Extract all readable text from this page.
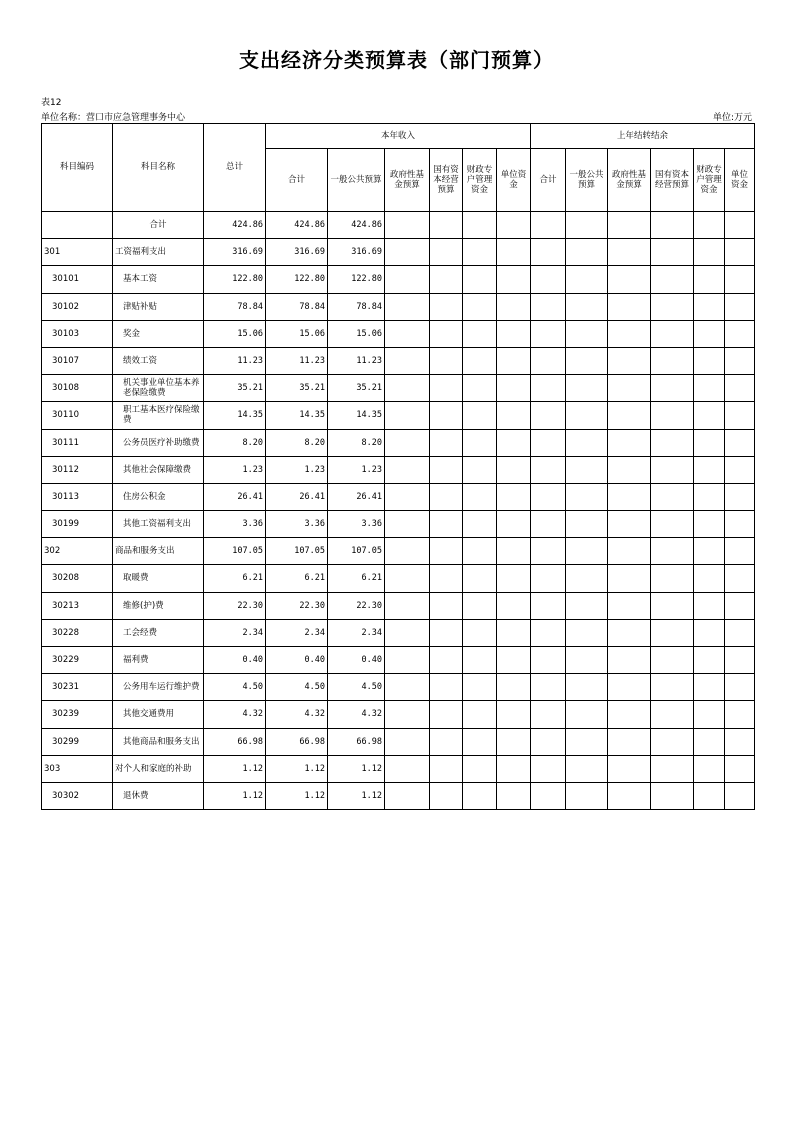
支出经济分类预算表（部门预算）
表12
单位名称：营口市应急管理事务中心	单位:万元
科目编码	科目名称	总计	本年收入						上年结转结余					
			合计	一般公共预算	政府性基金预算	国有资本经营预算	财政专户管理资金	单位资金	合计	一般公共预算	政府性基金预算	国有资本经营预算	财政专户管理资金	单位资金
	合计	424.86	424.86	424.86										
301	工资福利支出	316.69	316.69	316.69										
30101	基本工资	122.80	122.80	122.80										
30102	津贴补贴	78.84	78.84	78.84										
30103	奖金	15.06	15.06	15.06										
30107	绩效工资	11.23	11.23	11.23										
30108	机关事业单位基本养老保险缴费	35.21	35.21	35.21										
30110	职工基本医疗保险缴费	14.35	14.35	14.35										
30111	公务员医疗补助缴费	8.20	8.20	8.20										
30112	其他社会保障缴费	1.23	1.23	1.23										
30113	住房公积金	26.41	26.41	26.41										
30199	其他工资福利支出	3.36	3.36	3.36										
302	商品和服务支出	107.05	107.05	107.05										
30208	取暖费	6.21	6.21	6.21										
30213	维修(护)费	22.30	22.30	22.30										
30228	工会经费	2.34	2.34	2.34										
30229	福利费	0.40	0.40	0.40										
30231	公务用车运行维护费	4.50	4.50	4.50										
30239	其他交通费用	4.32	4.32	4.32										
30299	其他商品和服务支出	66.98	66.98	66.98										
303	对个人和家庭的补助	1.12	1.12	1.12										
30302	退休费	1.12	1.12	1.12										
